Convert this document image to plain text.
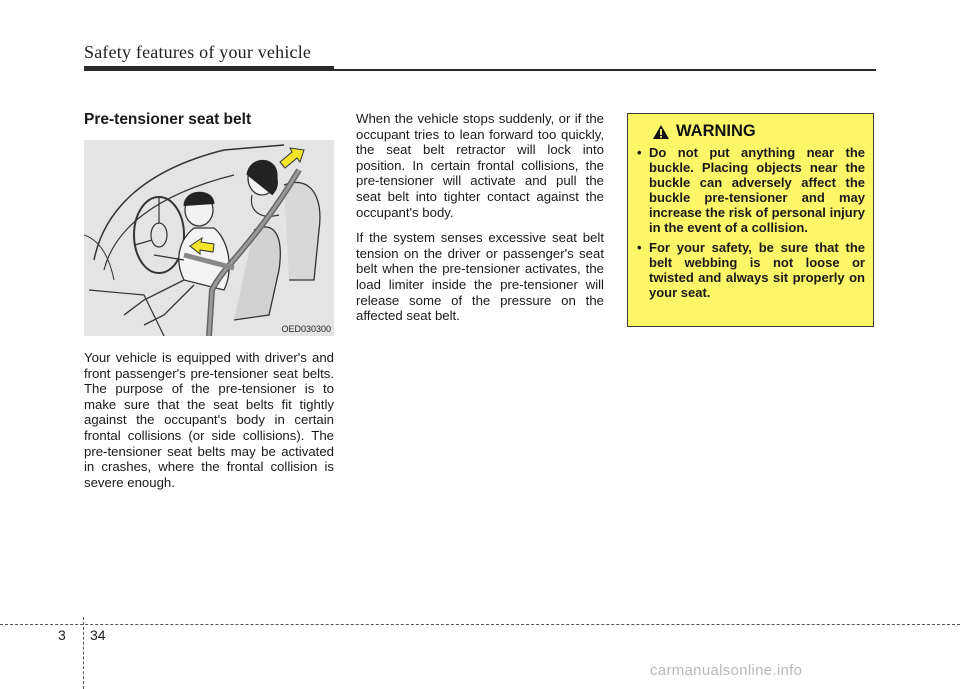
Safety features of your vehicle
Pre-tensioner seat belt
OED030300

Your vehicle is equipped with driver's and front passenger's pre-tensioner seat belts. The purpose of the pre-tensioner is to make sure that the seat belts fit tightly against the occupant's body in certain frontal collisions (or side collisions). The pre-tensioner seat belts may be activated in crashes, where the frontal collision is severe enough.

When the vehicle stops suddenly, or if the occupant tries to lean forward too quickly, the seat belt retractor will lock into position. In certain frontal collisions, the pre-tensioner will activate and pull the seat belt into tighter contact against the occupant's body.

If the system senses excessive seat belt tension on the driver or passenger's seat belt when the pre-tensioner activates, the load limiter inside the pre-tensioner will release some of the pressure on the affected seat belt.

WARNING
• Do not put anything near the buckle. Placing objects near the buckle can adversely affect the buckle pre-tensioner and may increase the risk of personal injury in the event of a collision.
• For your safety, be sure that the belt webbing is not loose or twisted and always sit properly on your seat.
3 34
carmanualsonline.info
